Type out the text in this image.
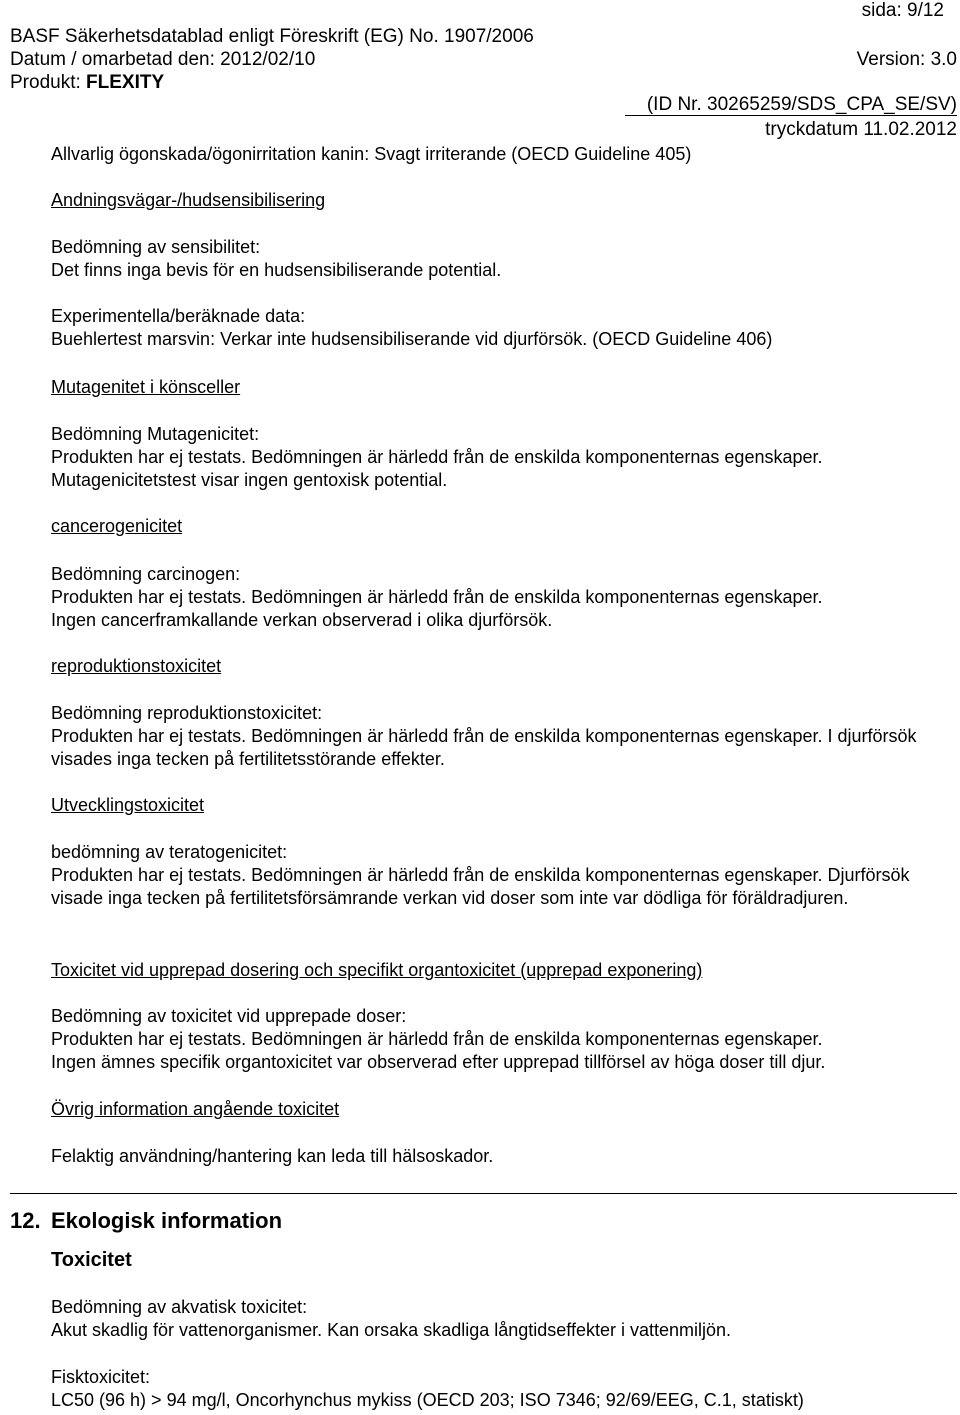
sida: 9/12
BASF Säkerhetsdatablad enligt Föreskrift (EG) No. 1907/2006
Datum / omarbetad den: 2012/02/10	Version: 3.0
Produkt: FLEXITY
(ID Nr. 30265259/SDS_CPA_SE/SV)
tryckdatum 11.02.2012

Allvarlig ögonskada/ögonirritation kanin: Svagt irriterande (OECD Guideline 405)

Andningsvägar-/hudsensibilisering

Bedömning av sensibilitet:

Det finns inga bevis för en hudsensibiliserande potential.

Experimentella/beräknade data:

Buehlertest marsvin: Verkar inte hudsensibiliserande vid djurförsök. (OECD Guideline 406)

Mutagenitet i könsceller

Bedömning Mutagenicitet:

Produkten har ej testats. Bedömningen är härledd från de enskilda komponenternas egenskaper.

Mutagenicitetstest visar ingen gentoxisk potential.

cancerogenicitet

Bedömning carcinogen:

Produkten har ej testats. Bedömningen är härledd från de enskilda komponenternas egenskaper.

Ingen cancerframkallande verkan observerad i olika djurförsök.

reproduktionstoxicitet

Bedömning reproduktionstoxicitet:

Produkten har ej testats. Bedömningen är härledd från de enskilda komponenternas egenskaper. I djurförsök visades inga tecken på fertilitetsstörande effekter.

Utvecklingstoxicitet

bedömning av teratogenicitet:

Produkten har ej testats. Bedömningen är härledd från de enskilda komponenternas egenskaper. Djurförsök visade inga tecken på fertilitetsförsämrande verkan vid doser som inte var dödliga för föräldradjuren.

Toxicitet vid upprepad dosering och specifikt organtoxicitet (upprepad exponering)

Bedömning av toxicitet vid upprepade doser:

Produkten har ej testats. Bedömningen är härledd från de enskilda komponenternas egenskaper.

Ingen ämnes specifik organtoxicitet var observerad efter upprepad tillförsel av höga doser till djur.

Övrig information angående toxicitet

Felaktig användning/hantering kan leda till hälsoskador.

12. Ekologisk information
Toxicitet

Bedömning av akvatisk toxicitet:

Akut skadlig för vattenorganismer. Kan orsaka skadliga långtidseffekter i vattenmiljön.

Fisktoxicitet:

LC50 (96 h) > 94 mg/l, Oncorhynchus mykiss (OECD 203; ISO 7346; 92/69/EEG, C.1, statiskt)
